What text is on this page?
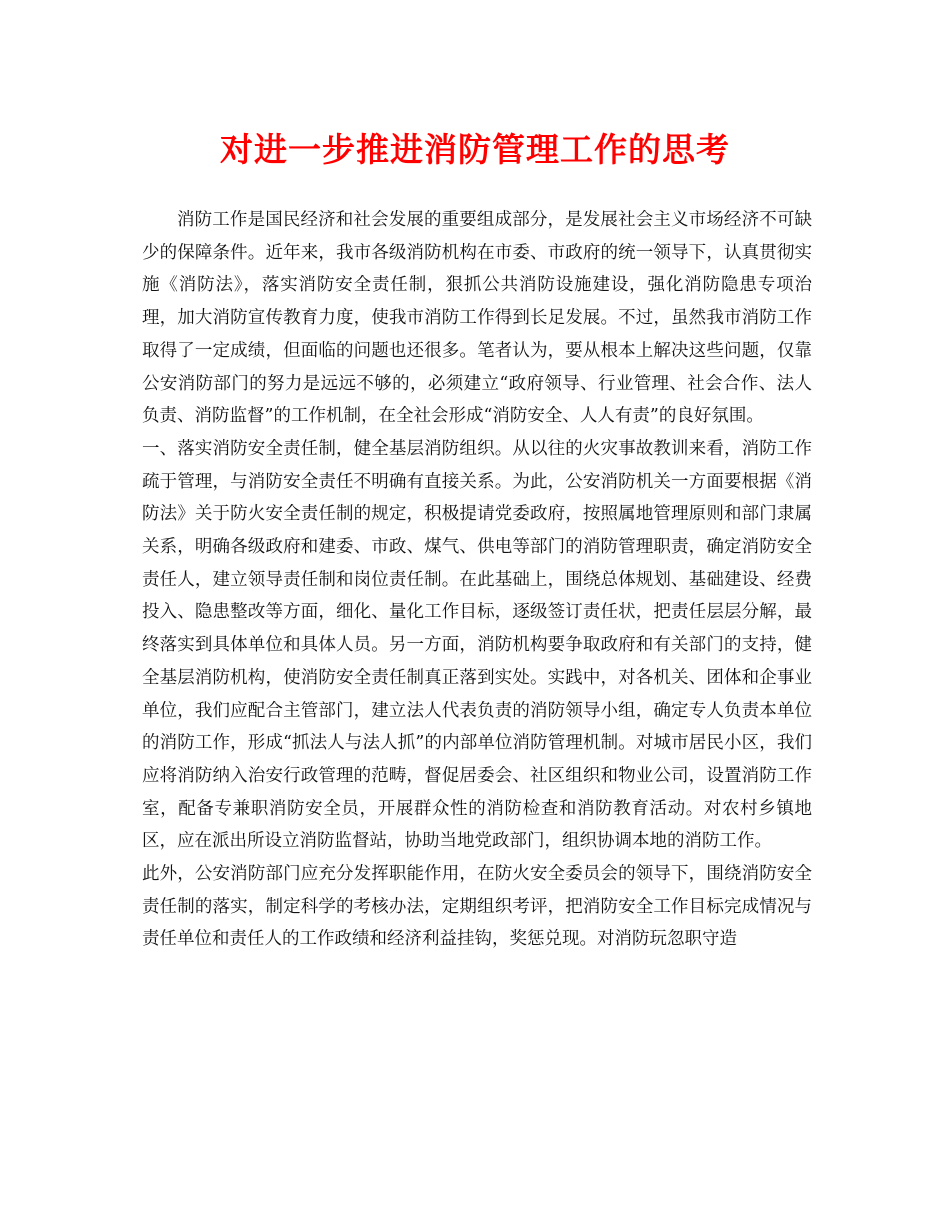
对进一步推进消防管理工作的思考

消防工作是国民经济和社会发展的重要组成部分，是发展社会主义市场经济不可缺少的保障条件。近年来，我市各级消防机构在市委、市政府的统一领导下，认真贯彻实施《消防法》，落实消防安全责任制，狠抓公共消防设施建设，强化消防隐患专项治理，加大消防宣传教育力度，使我市消防工作得到长足发展。不过，虽然我市消防工作取得了一定成绩，但面临的问题也还很多。笔者认为，要从根本上解决这些问题，仅靠公安消防部门的努力是远远不够的，必须建立“政府领导、行业管理、社会合作、法人负责、消防监督”的工作机制，在全社会形成“消防安全、人人有责”的良好氛围。

一、落实消防安全责任制，健全基层消防组织。从以往的火灾事故教训来看，消防工作疏于管理，与消防安全责任不明确有直接关系。为此，公安消防机关一方面要根据《消防法》关于防火安全责任制的规定，积极提请党委政府，按照属地管理原则和部门隶属关系，明确各级政府和建委、市政、煤气、供电等部门的消防管理职责，确定消防安全责任人，建立领导责任制和岗位责任制。在此基础上，围绕总体规划、基础建设、经费投入、隐患整改等方面，细化、量化工作目标，逐级签订责任状，把责任层层分解，最终落实到具体单位和具体人员。另一方面，消防机构要争取政府和有关部门的支持，健全基层消防机构，使消防安全责任制真正落到实处。实践中，对各机关、团体和企事业单位，我们应配合主管部门，建立法人代表负责的消防领导小组，确定专人负责本单位的消防工作，形成“抓法人与法人抓”的内部单位消防管理机制。对城市居民小区，我们应将消防纳入治安行政管理的范畴，督促居委会、社区组织和物业公司，设置消防工作室，配备专兼职消防安全员，开展群众性的消防检查和消防教育活动。对农村乡镇地区，应在派出所设立消防监督站，协助当地党政部门，组织协调本地的消防工作。

此外，公安消防部门应充分发挥职能作用，在防火安全委员会的领导下，围绕消防安全责任制的落实，制定科学的考核办法，定期组织考评，把消防安全工作目标完成情况与责任单位和责任人的工作政绩和经济利益挂钩，奖惩兑现。对消防玩忽职守造
